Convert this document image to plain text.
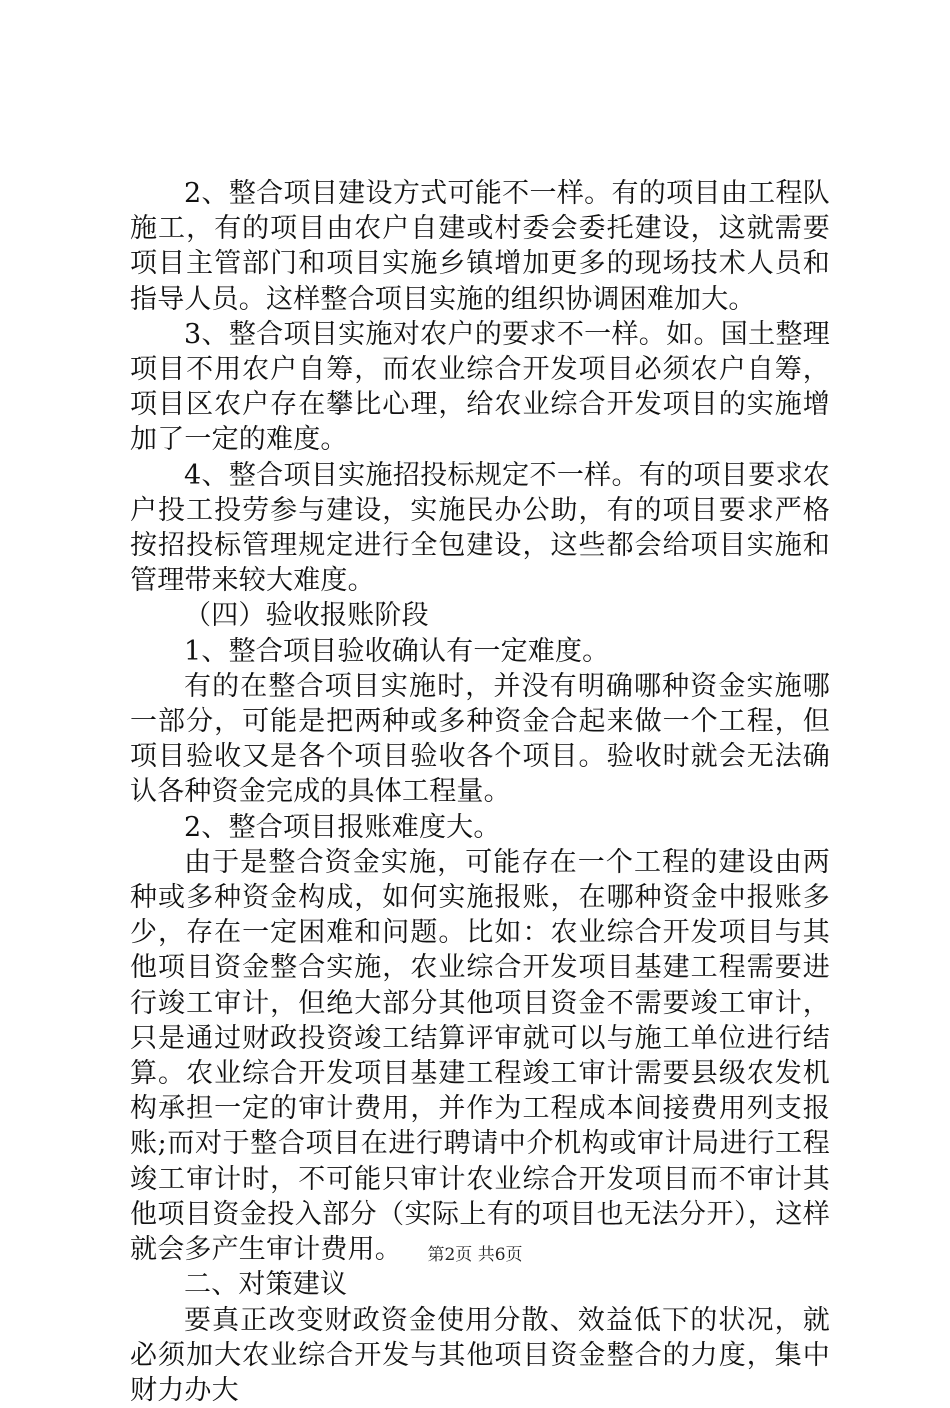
2、整合项目建设方式可能不一样。有的项目由工程队施工，有的项目由农户自建或村委会委托建设，这就需要项目主管部门和项目实施乡镇增加更多的现场技术人员和指导人员。这样整合项目实施的组织协调困难加大。

3、整合项目实施对农户的要求不一样。如。国土整理项目不用农户自筹，而农业综合开发项目必须农户自筹，项目区农户存在攀比心理，给农业综合开发项目的实施增加了一定的难度。

4、整合项目实施招投标规定不一样。有的项目要求农户投工投劳参与建设，实施民办公助，有的项目要求严格按招投标管理规定进行全包建设，这些都会给项目实施和管理带来较大难度。

（四）验收报账阶段

1、整合项目验收确认有一定难度。

有的在整合项目实施时，并没有明确哪种资金实施哪一部分，可能是把两种或多种资金合起来做一个工程，但项目验收又是各个项目验收各个项目。验收时就会无法确认各种资金完成的具体工程量。

2、整合项目报账难度大。

由于是整合资金实施，可能存在一个工程的建设由两种或多种资金构成，如何实施报账，在哪种资金中报账多少，存在一定困难和问题。比如：农业综合开发项目与其他项目资金整合实施，农业综合开发项目基建工程需要进行竣工审计，但绝大部分其他项目资金不需要竣工审计，只是通过财政投资竣工结算评审就可以与施工单位进行结算。农业综合开发项目基建工程竣工审计需要县级农发机构承担一定的审计费用，并作为工程成本间接费用列支报账;而对于整合项目在进行聘请中介机构或审计局进行工程竣工审计时，不可能只审计农业综合开发项目而不审计其他项目资金投入部分（实际上有的项目也无法分开），这样就会多产生审计费用。

二、对策建议

要真正改变财政资金使用分散、效益低下的状况，就必须加大农业综合开发与其他项目资金整合的力度，集中财力办大

第2页 共6页
